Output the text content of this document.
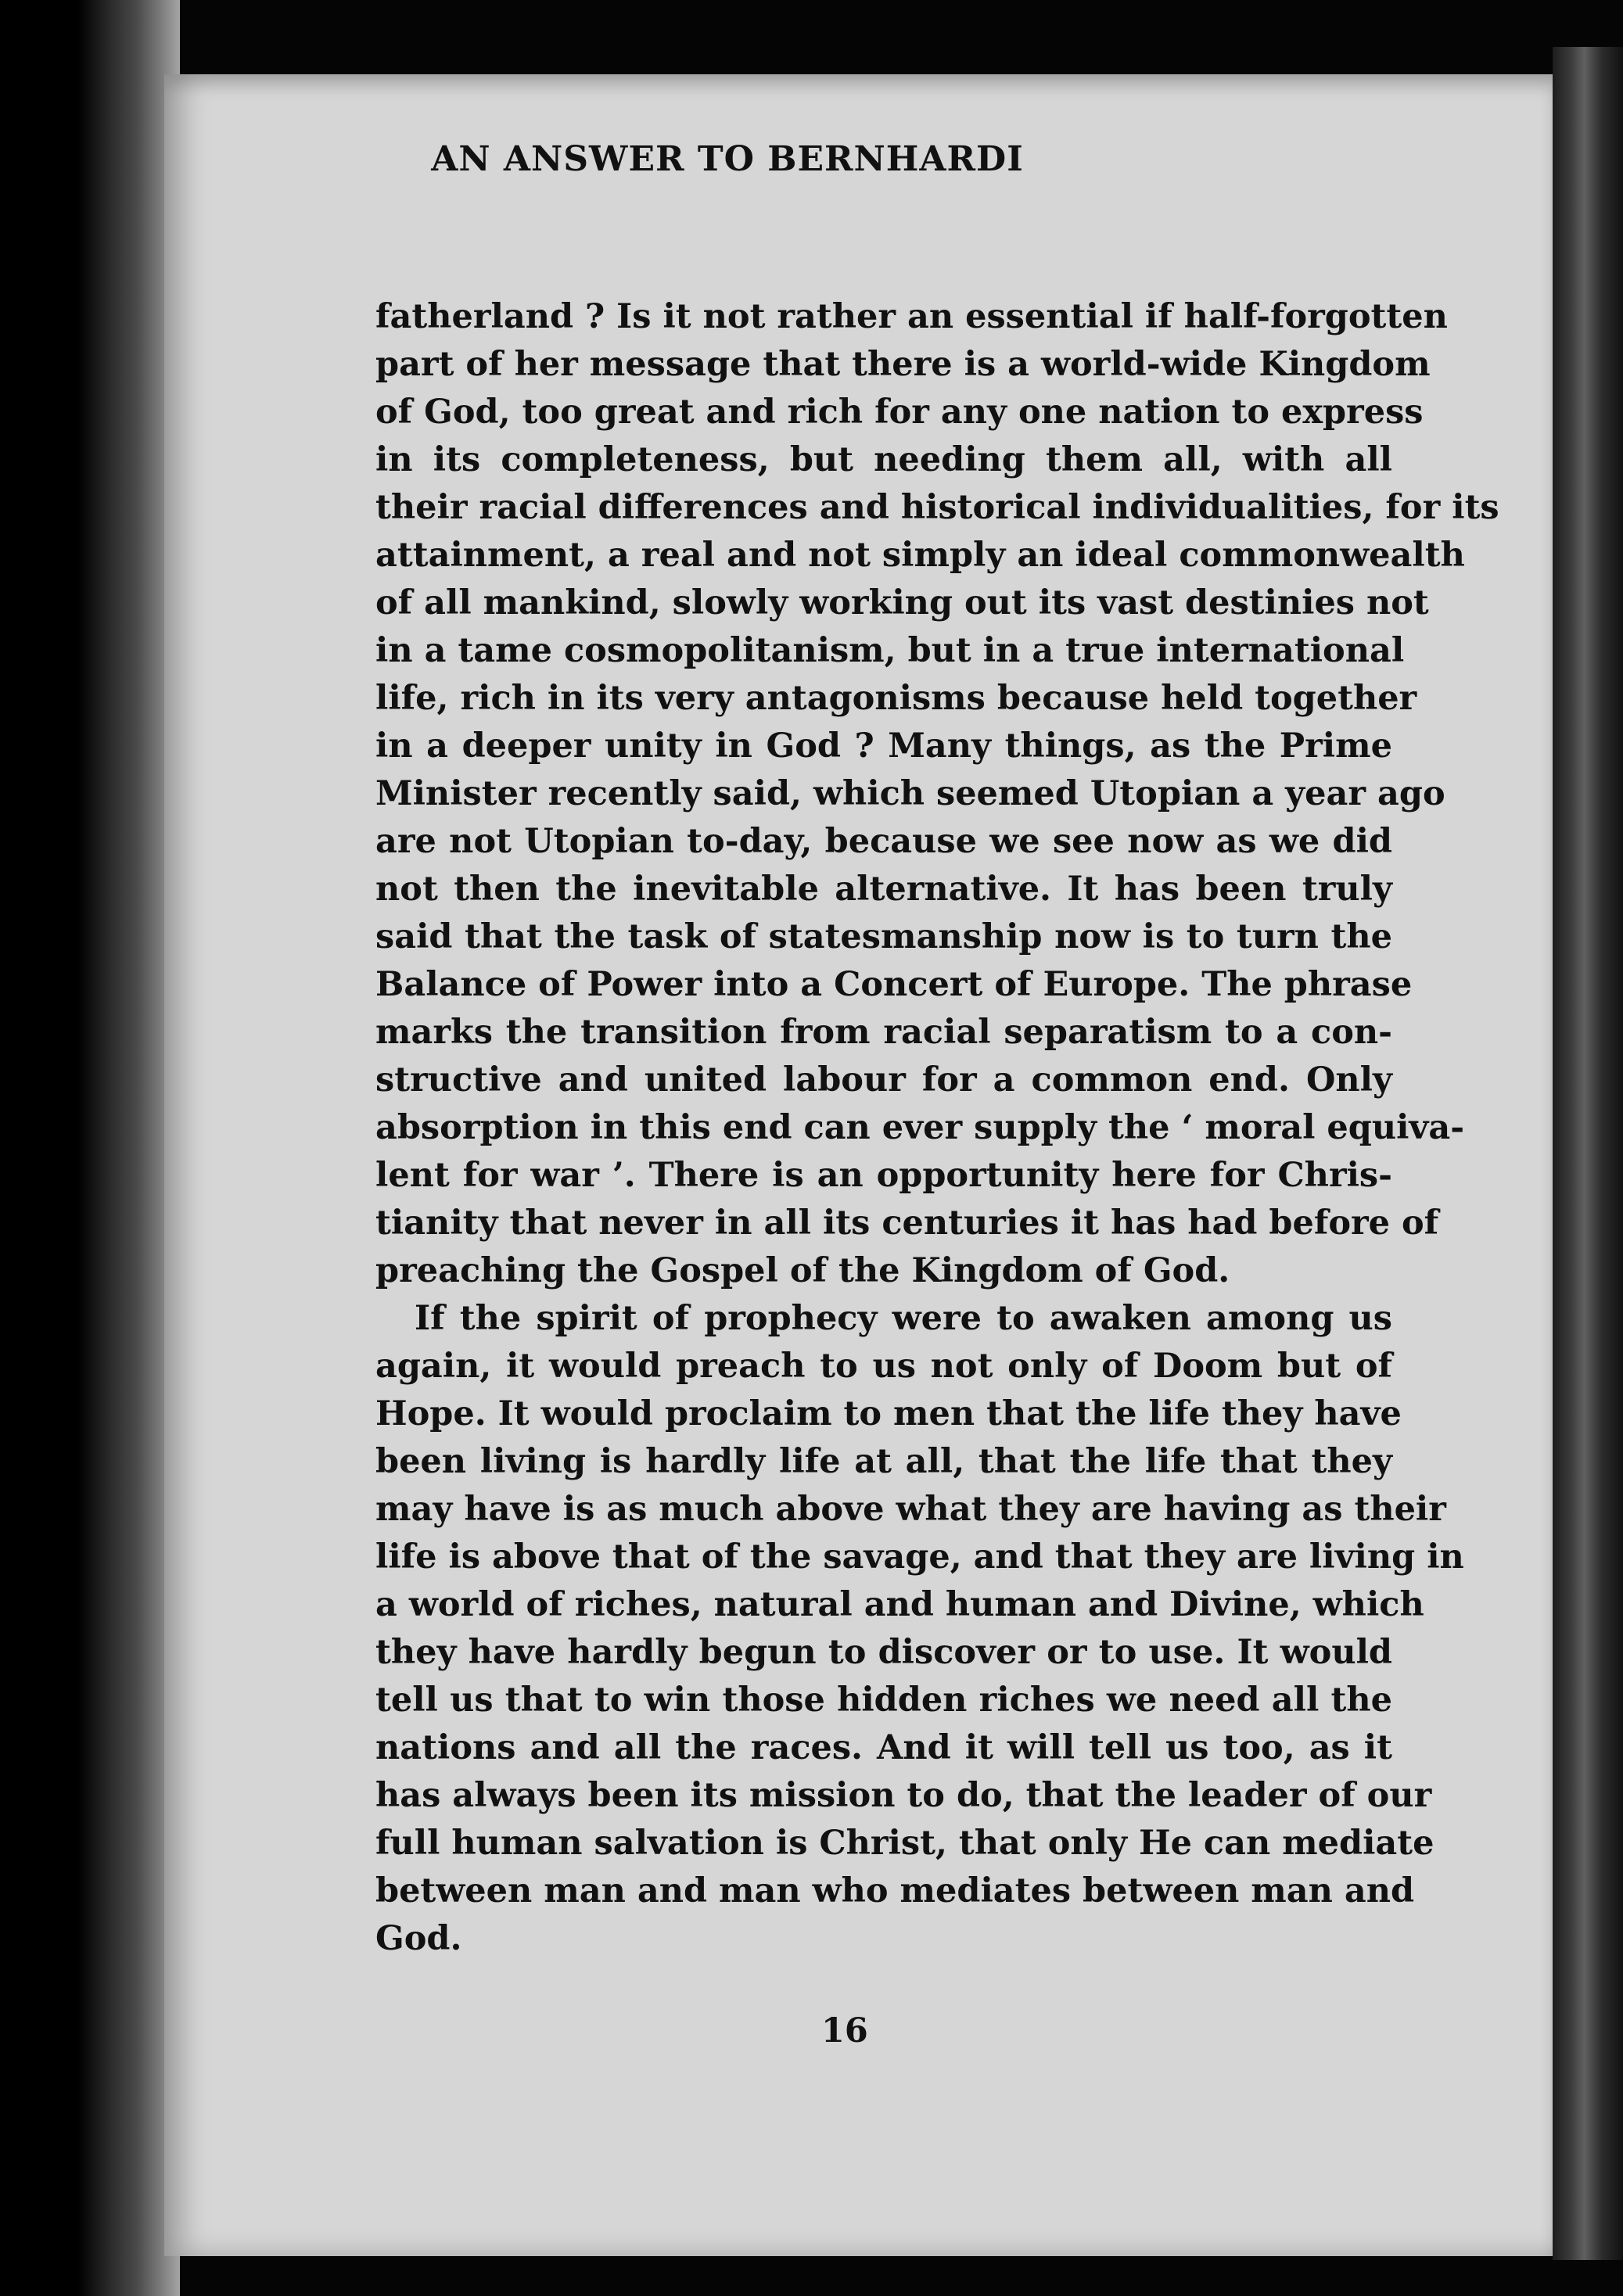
AN ANSWER TO BERNHARDI
fatherland ? Is it not rather an essential if half-forgotten
part of her message that there is a world-wide Kingdom
of God, too great and rich for any one nation to express
in its completeness, but needing them all, with all
their racial differences and historical individualities, for its
attainment, a real and not simply an ideal commonwealth
of all mankind, slowly working out its vast destinies not
in a tame cosmopolitanism, but in a true international
life, rich in its very antagonisms because held together
in a deeper unity in God ? Many things, as the Prime
Minister recently said, which seemed Utopian a year ago
are not Utopian to-day, because we see now as we did
not then the inevitable alternative. It has been truly
said that the task of statesmanship now is to turn the
Balance of Power into a Concert of Europe. The phrase
marks the transition from racial separatism to a con-
structive and united labour for a common end. Only
absorption in this end can ever supply the ‘ moral equiva-
lent for war ’. There is an opportunity here for Chris-
tianity that never in all its centuries it has had before of
preaching the Gospel of the Kingdom of God.
If the spirit of prophecy were to awaken among us
again, it would preach to us not only of Doom but of
Hope. It would proclaim to men that the life they have
been living is hardly life at all, that the life that they
may have is as much above what they are having as their
life is above that of the savage, and that they are living in
a world of riches, natural and human and Divine, which
they have hardly begun to discover or to use. It would
tell us that to win those hidden riches we need all the
nations and all the races. And it will tell us too, as it
has always been its mission to do, that the leader of our
full human salvation is Christ, that only He can mediate
between man and man who mediates between man and
God.
16
